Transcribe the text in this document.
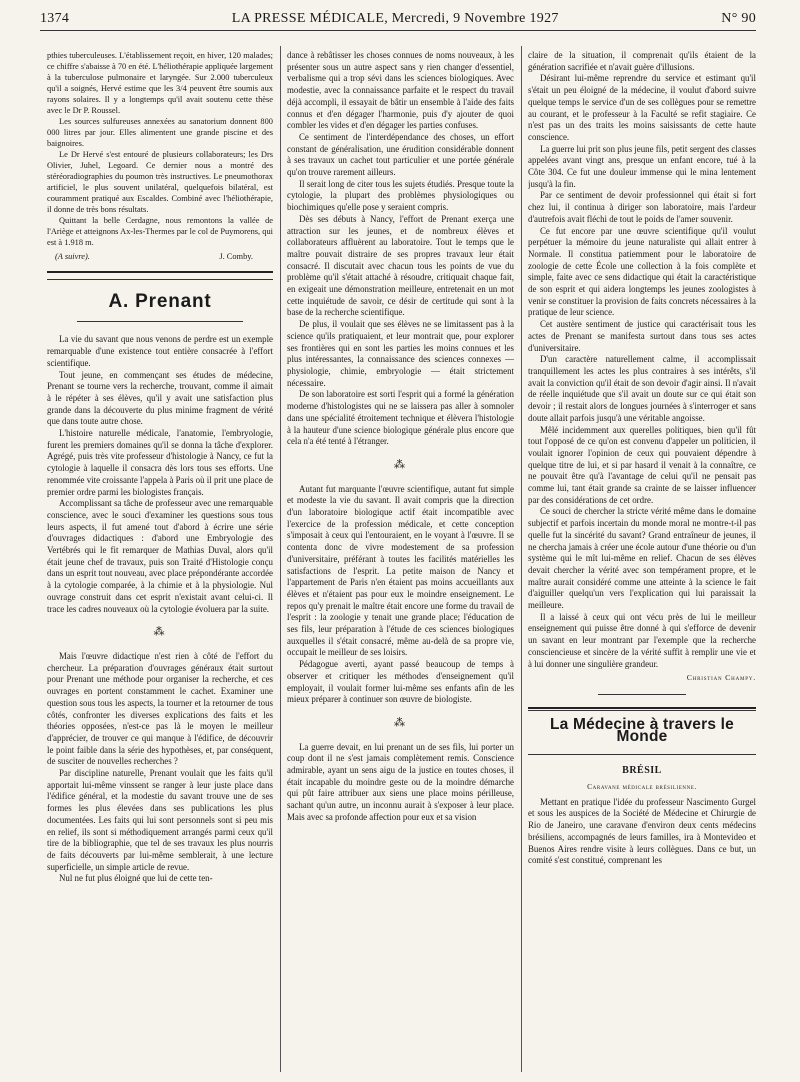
1374	LA PRESSE MÉDICALE, Mercredi, 9 Novembre 1927	N° 90

pthies tuberculeuses. L'établissement reçoit, en hiver, 120 malades; ce chiffre s'abaisse à 70 en été. L'héliothérapie appliquée largement à la tuberculose pulmonaire et laryngée. Sur 2.000 tuberculeux qu'il a soignés, Hervé estime que les 3/4 peuvent être soumis aux rayons solaires. Il y a longtemps qu'il avait soutenu cette thèse avec le Dr P. Roussel.

Les sources sulfureuses annexées au sanatorium donnent 800 000 litres par jour. Elles alimentent une grande piscine et des baignoires.

Le Dr Hervé s'est entouré de plusieurs collaborateurs; les Drs Olivier, Juhel, Legoard. Ce dernier nous a montré des stéréoradiographies du poumon très instructives. Le pneumothorax artificiel, le plus souvent unilatéral, quelquefois bilatéral, est couramment pratiqué aux Escaldes. Combiné avec l'héliothérapie, il donne de très bons résultats.

Quittant la belle Cerdagne, nous remontons la vallée de l'Ariège et atteignons Ax-les-Thermes par le col de Puymorens, qui est à 1.918 m.

(A suivre).	J. Comby.
A. Prenant

La vie du savant que nous venons de perdre est un exemple remarquable d'une existence tout entière consacrée à l'effort scientifique.

Tout jeune, en commençant ses études de médecine, Prenant se tourne vers la recherche, trouvant, comme il aimait à le répéter à ses élèves, qu'il y avait une satisfaction plus grande dans la découverte du plus minime fragment de vérité que dans toute autre chose.

L'histoire naturelle médicale, l'anatomie, l'embryologie, furent les premiers domaines qu'il se donna la tâche d'explorer. Agrégé, puis très vite professeur d'histologie à Nancy, ce fut la cytologie à laquelle il consacra dès lors tous ses efforts. Une renommée vite croissante l'appela à Paris où il prit une place de premier ordre parmi les biologistes français.

Accomplissant sa tâche de professeur avec une remarquable conscience, avec le souci d'examiner les questions sous tous leurs aspects, il fut amené tout d'abord à écrire une série d'ouvrages didactiques : d'abord une Embryologie des Vertébrés qui le fit remarquer de Mathias Duval, alors qu'il était jeune chef de travaux, puis son Traité d'Histologie conçu dans un esprit tout nouveau, avec place prépondérante accordée à la cytologie comparée, à la chimie et à la physiologie. Nul ouvrage construit dans cet esprit n'existait avant celui-ci. Il trace les cadres nouveaux où la cytologie évoluera par la suite.

⁂

Mais l'œuvre didactique n'est rien à côté de l'effort du chercheur. La préparation d'ouvrages généraux était surtout pour Prenant une méthode pour organiser la recherche, et ces ouvrages en portent constamment le cachet. Examiner une question sous tous les aspects, la tourner et la retourner de tous côtés, confronter les diverses explications des faits et les théories opposées, n'est-ce pas là le moyen le meilleur d'apprécier, de trouver ce qui manque à l'édifice, de découvrir le point faible dans la série des hypothèses, et, par conséquent, de susciter de nouvelles recherches ?

Par discipline naturelle, Prenant voulait que les faits qu'il apportait lui-même vinssent se ranger à leur juste place dans l'édifice général, et la modestie du savant trouve une de ses formes les plus élevées dans ses publications les plus documentées. Les faits qui lui sont personnels sont si peu mis en relief, ils sont si méthodiquement arrangés parmi ceux qu'il tire de la bibliographie, que tel de ses travaux les plus nourris de faits découverts par lui-même semblerait, à une lecture superficielle, un simple article de revue.

Nul ne fut plus éloigné que lui de cette ten-

dance à rebâtisser les choses connues de noms nouveaux, à les présenter sous un autre aspect sans y rien changer d'essentiel, verbalisme qui a trop sévi dans les sciences biologiques. Avec modestie, avec la connaissance parfaite et le respect du travail déjà accompli, il essayait de bâtir un ensemble à l'aide des faits connus et d'en dégager l'harmonie, puis d'y ajouter de quoi combler les vides et d'en dégager les parties confuses.

Ce sentiment de l'interdépendance des choses, un effort constant de généralisation, une érudition considérable donnent à ses travaux un cachet tout particulier et une portée générale qu'on trouve rarement ailleurs.

Il serait long de citer tous les sujets étudiés. Presque toute la cytologie, la plupart des problèmes physiologiques ou biochimiques qu'elle pose y seraient compris.

Dès ses débuts à Nancy, l'effort de Prenant exerça une attraction sur les jeunes, et de nombreux élèves et collaborateurs affluèrent au laboratoire. Tout le temps que le maître pouvait distraire de ses propres travaux leur était consacré. Il discutait avec chacun tous les points de vue du problème qu'il s'était attaché à résoudre, critiquait chaque fait, en exigeait une démonstration meilleure, entretenait en un mot cette inquiétude de savoir, ce désir de certitude qui sont à la base de la recherche scientifique.

De plus, il voulait que ses élèves ne se limitassent pas à la science qu'ils pratiquaient, et leur montrait que, pour explorer ses frontières qui en sont les parties les moins connues et les plus intéressantes, la connaissance des sciences connexes — physiologie, chimie, embryologie — était strictement nécessaire.

De son laboratoire est sorti l'esprit qui a formé la génération moderne d'histologistes qui ne se laissera pas aller à somnoler dans une spécialité étroitement technique et élèvera l'histologie à la hauteur d'une science biologique générale plus encore que cela n'a été tenté à l'étranger.

⁂

Autant fut marquante l'œuvre scientifique, autant fut simple et modeste la vie du savant. Il avait compris que la direction d'un laboratoire biologique actif était incompatible avec l'exercice de la profession médicale, et cette conception s'imposait à ceux qui l'entouraient, en le voyant à l'œuvre. Il se contenta donc de vivre modestement de sa profession d'universitaire, préférant à toutes les facilités matérielles les satisfactions de l'esprit. La petite maison de Nancy et l'appartement de Paris n'en étaient pas moins accueillants aux élèves et n'étaient pas pour eux le moindre enseignement. Le repos qu'y prenait le maître était encore une forme du travail de l'esprit : la zoologie y tenait une grande place; l'éducation de ses fils, leur préparation à l'étude de ces sciences biologiques auxquelles il s'était consacré, même au-delà de sa propre vie, occupait le meilleur de ses loisirs.

Pédagogue averti, ayant passé beaucoup de temps à observer et critiquer les méthodes d'enseignement qu'il employait, il voulait former lui-même ses enfants afin de les mieux préparer à continuer son œuvre de biologiste.

⁂

La guerre devait, en lui prenant un de ses fils, lui porter un coup dont il ne s'est jamais complètement remis. Conscience admirable, ayant un sens aigu de la justice en toutes choses, il était incapable du moindre geste ou de la moindre démarche qui pût faire attribuer aux siens une place moins périlleuse, sachant qu'un autre, un inconnu aurait à s'exposer à leur place. Mais avec sa profonde affection pour eux et sa vision

claire de la situation, il comprenait qu'ils étaient de la génération sacrifiée et n'avait guère d'illusions.

Désirant lui-même reprendre du service et estimant qu'il s'était un peu éloigné de la médecine, il voulut d'abord suivre quelque temps le service d'un de ses collègues pour se remettre au courant, et le professeur à la Faculté se refit stagiaire. Ce n'est pas un des traits les moins saisissants de cette haute conscience.

La guerre lui prit son plus jeune fils, petit sergent des classes appelées avant vingt ans, presque un enfant encore, tué à la Côte 304. Ce fut une douleur immense qui le mina lentement jusqu'à la fin.

Par ce sentiment de devoir professionnel qui était si fort chez lui, il continua à diriger son laboratoire, mais l'ardeur d'autrefois avait fléchi de tout le poids de l'amer souvenir.

Ce fut encore par une œuvre scientifique qu'il voulut perpétuer la mémoire du jeune naturaliste qui allait entrer à Normale. Il constitua patiemment pour le laboratoire de zoologie de cette École une collection à la fois complète et simple, faite avec ce sens didactique qui était la caractéristique de son esprit et qui aidera longtemps les jeunes zoologistes à venir se constituer la provision de faits concrets nécessaires à la pratique de leur science.

Cet austère sentiment de justice qui caractérisait tous les actes de Prenant se manifesta surtout dans tous ses actes d'universitaire.

D'un caractère naturellement calme, il accomplissait tranquillement les actes les plus contraires à ses intérêts, s'il avait la conviction qu'il était de son devoir d'agir ainsi. Il n'avait de réelle inquiétude que s'il avait un doute sur ce qui était son devoir ; il restait alors de longues journées à s'interroger et sans doute allait parfois jusqu'à une véritable angoisse.

Mêlé incidemment aux querelles politiques, bien qu'il fût tout l'opposé de ce qu'on est convenu d'appeler un politicien, il voulait ignorer l'opinion de ceux qui pouvaient dépendre à quelque titre de lui, et si par hasard il venait à la connaître, ce ne pouvait être qu'à l'avantage de celui qu'il ne pensait pas comme lui, tant était grande sa crainte de se laisser influencer par des considérations de cet ordre.

Ce souci de chercher la stricte vérité même dans le domaine subjectif et parfois incertain du monde moral ne montre-t-il pas quelle fut la sincérité du savant? Grand entraîneur de jeunes, il ne chercha jamais à créer une école autour d'une théorie ou d'un système qui le mît lui-même en relief. Chacun de ses élèves devait chercher la vérité avec son tempérament propre, et le maître aurait considéré comme une atteinte à la science le fait d'aiguiller quelqu'un vers l'explication qui lui paraissait la meilleure.

Il a laissé à ceux qui ont vécu près de lui le meilleur enseignement qui puisse être donné à qui s'efforce de devenir un savant en leur montrant par l'exemple que la recherche consciencieuse et sincère de la vérité suffit à remplir une vie et à lui donner une singulière grandeur.

Christian Champy.
La Médecine à travers le Monde
BRÉSIL
Caravane médicale brésilienne.

Mettant en pratique l'idée du professeur Nascimento Gurgel et sous les auspices de la Société de Médecine et Chirurgie de Rio de Janeiro, une caravane d'environ deux cents médecins brésiliens, accompagnés de leurs familles, ira à Montevideo et Buenos Aires rendre visite à leurs collègues. Dans ce but, un comité s'est constitué, comprenant les
